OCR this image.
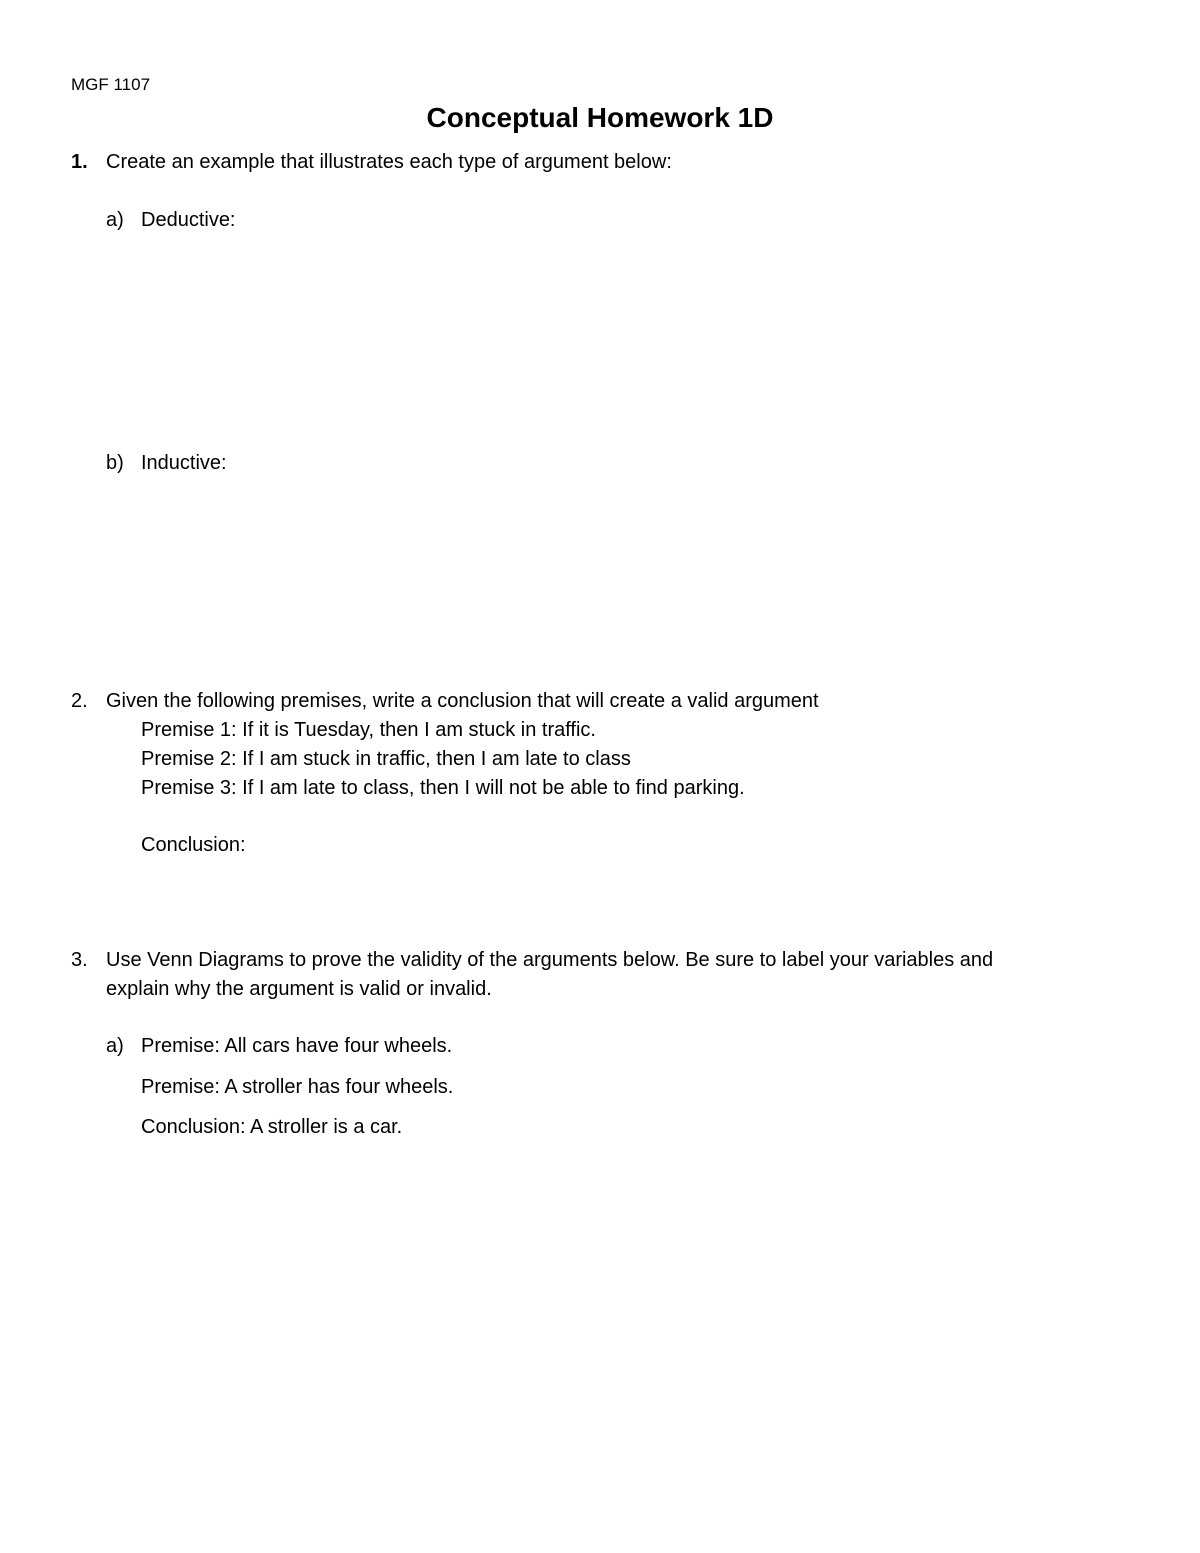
MGF 1107
Conceptual Homework 1D
1. Create an example that illustrates each type of argument below:
a) Deductive:
b) Inductive:
2. Given the following premises, write a conclusion that will create a valid argument
Premise 1: If it is Tuesday, then I am stuck in traffic.
Premise 2: If I am stuck in traffic, then I am late to class
Premise 3: If I am late to class, then I will not be able to find parking.
Conclusion:
3. Use Venn Diagrams to prove the validity of the arguments below. Be sure to label your variables and
explain why the argument is valid or invalid.
a) Premise: All cars have four wheels.
Premise: A stroller has four wheels.
Conclusion: A stroller is a car.
